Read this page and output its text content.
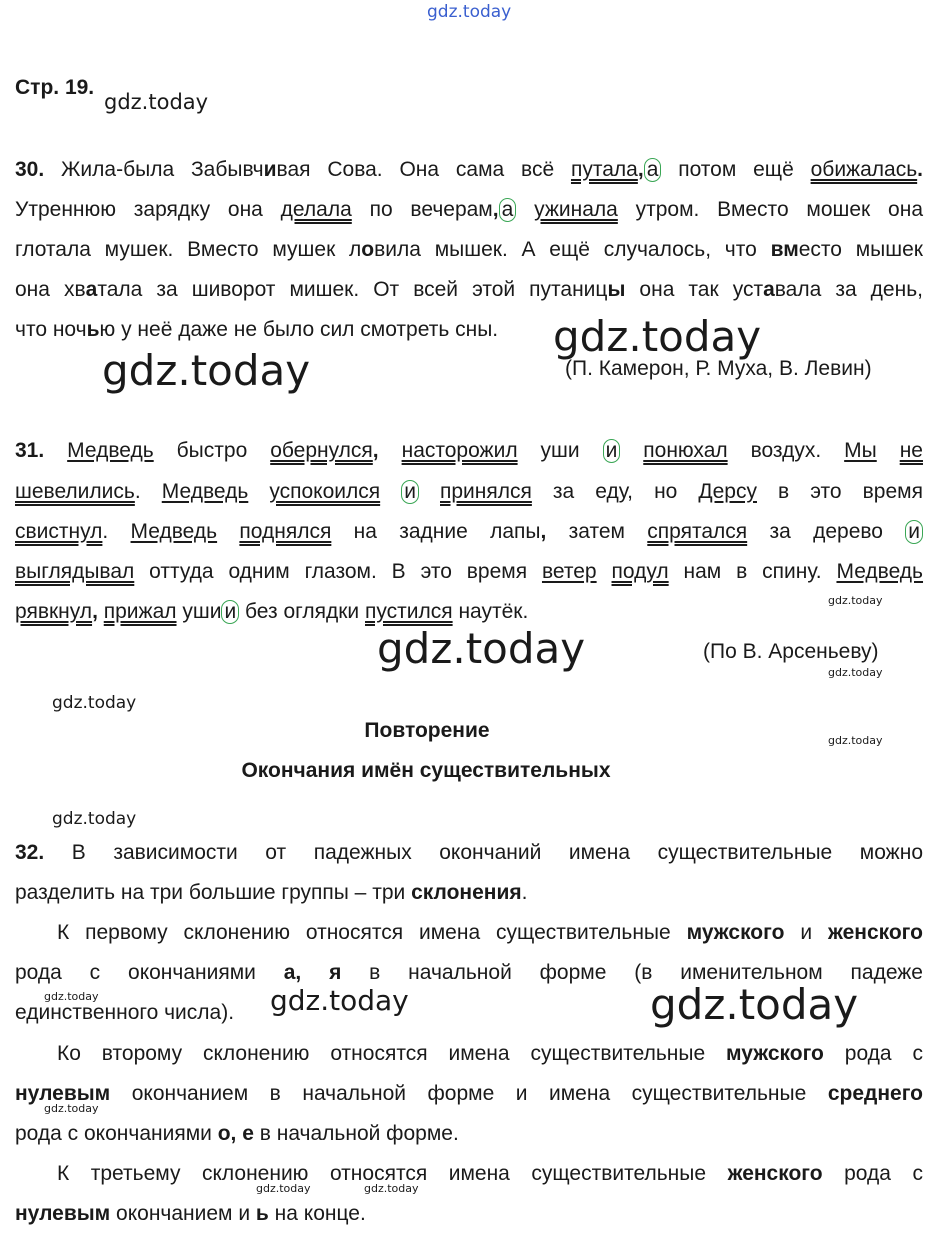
gdz.today
gdz.today
gdz.today
gdz.today
gdz.today
gdz.today	gdz.today
gdz.today
gdz.today
gdz.today
gdz.today	gdz.today	gdz.today
gdz.today
gdz.today	gdz.today
Стр. 19.
30. Жила-была Забывчивая Сова. Она сама всё путала, а потом ещё обижалась.
Утреннюю зарядку она делала по вечерам, а ужинала утром. Вместо мошек она
глотала мушек. Вместо мушек ловила мышек. А ещё случалось, что вместо мышек
она хватала за шиворот мишек. От всей этой путаницы она так уставала за день,
что ночью у неё даже не было сил смотреть сны.
(П. Камерон, Р. Муха, В. Левин)
31. Медведь быстро обернулся, насторожил уши и понюхал воздух. Мы не
шевелились. Медведь успокоился и принялся за еду, но Дерсу в это время
свистнул. Медведь поднялся на задние лапы, затем спрятался за дерево и
выглядывал оттуда одним глазом. В это время ветер подул нам в спину. Медведь
рявкнул, прижал уши и без оглядки пустился наутёк.
(По В. Арсеньеву)
Повторение
Окончания имён существительных
32. В зависимости от падежных окончаний имена существительные можно
разделить на три большие группы – три склонения.
К первому склонению относятся имена существительные мужского и женского
рода с окончаниями а, я в начальной форме (в именительном падеже
единственного числа).
Ко второму склонению относятся имена существительные мужского рода с
нулевым окончанием в начальной форме и имена существительные среднего
рода с окончаниями о, е в начальной форме.
К третьему склонению относятся имена существительные женского рода с
нулевым окончанием и ь на конце.
